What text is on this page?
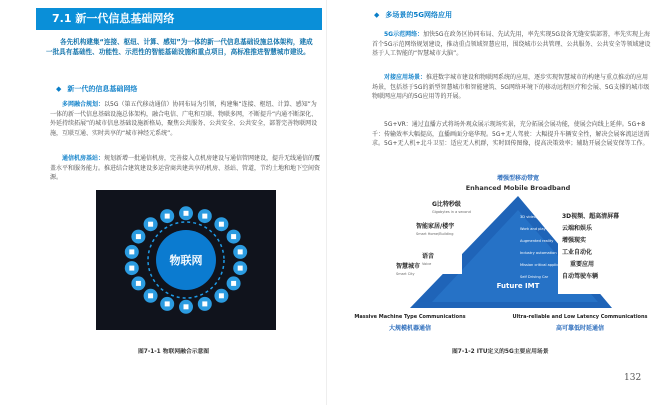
7.1 新一代信息基础网络
各先机构建集“连接、枢纽、计算、感知”为一体的新一代信息基础设施总体架构，建成一批具有基础性、功能性、示范性的智能基础设施和重点项目，高标准推进智慧城市建设。
◆ 新一代的信息基础网络
多网融合规划：以5G（第五代移动通信）协同布局为引领，构建集“连接、枢纽、计算、感知”为一体的新一代信息基础设施总体架构，融合电信、广电和互联、物联多网，不断提升“内通不断深化、外延持续拓展”的城市信息基础设施新格局，聚焦公共服务、公共安全、公共安全，部署完善物联网设施，互联互通、实时共享的“城市神经元系统”。
通信机房基站：规划新增一批通信机房，完善接入点机房建设与通信管网建设，提升无线通信的覆盖水平和服务能力。推进结合建筑建设多运营商共建共享的机房、基站、管道，节约土地和地下空间资源。
物联网
图7-1-1 物联网融合示意图
◆ 多场景的5G网络应用
5G示范网络：加快5G在政务区协同布局、先试先用，率先实现5G设备无缝安装部署，率先实现上海首个5G示范网络规划建设，推动重点领域智慧应用，围绕城市公共管理、公共服务、公共安全等领域建设基于人工智能的“智慧城市大脑”。
对接应用场景：推进数字城市建设和物联网系统的应用，逐步实现智慧城市的构建与重点推动的应用场景，包括基于5G的新型智慧城市和智能建筑、5G网络环境下的移动远程医疗和会展、5G支撑的城市级物联网应用内的5G应用等的开展。
5G+VR：通过直播方式将场外观众展示现场实景，充分拓展会展功能，使展会向线上延伸。5G+8千：传输效率大幅提高，直播画面分毫华现。5G+无人驾驶：大幅提升车辆安全性，解决会展客流运送需求。5G+无人机+北斗卫星：适应无人机群，实时回传图像，提高决策效率；辅助开展会展安保等工作。
增强型移动带宽
Enhanced Mobile Broadband
G比特秒级
Gigabytes in a second
智能家居/楼宇
Smart Home/Building
语音
Voice
智慧城市
Smart City
3D video, UHD screens
Work and play in the cloud
Augmented reality
Industry automation
Mission critical application
Self Driving Car
3D视频、超高清屏幕
云端和娱乐
增强现实
工业自动化
重要应用
自动驾驶车辆
Future IMT
Massive Machine Type Communications
大规模机器通信
Ultra-reliable and Low Latency Communications
高可靠低时延通信
图7-1-2 ITU定义的5G主要应用场景
132
